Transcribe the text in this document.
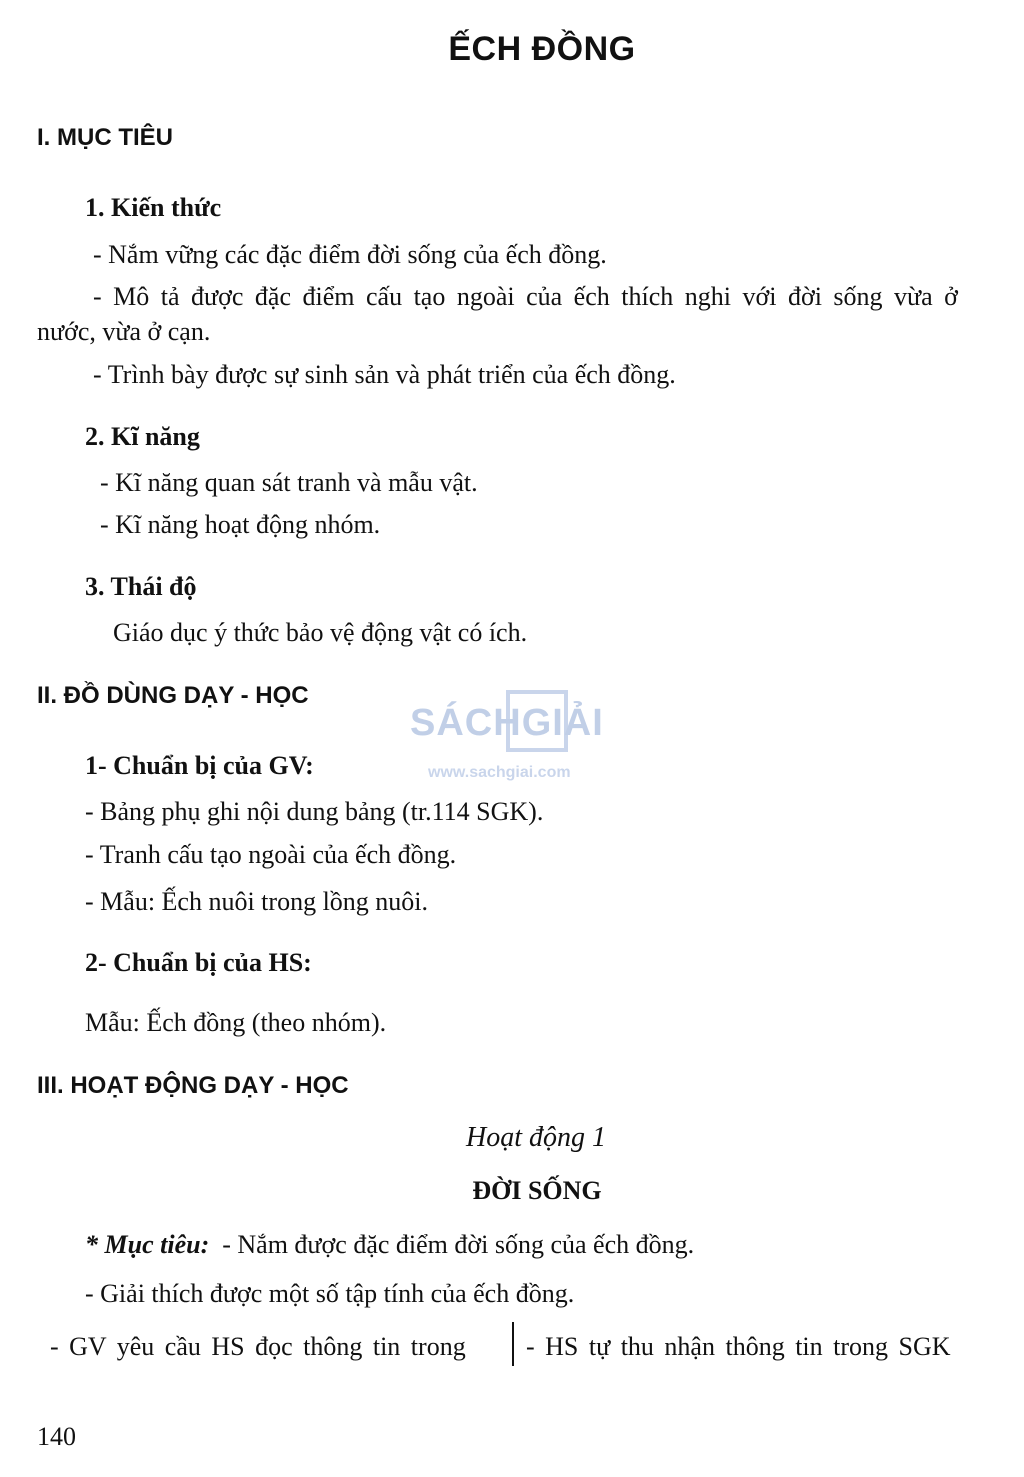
ẾCH ĐỒNG
I. MỤC TIÊU
1. Kiến thức
- Nắm vững các đặc điểm đời sống của ếch đồng.
- Mô tả được đặc điểm cấu tạo ngoài của ếch thích nghi với đời sống vừa ở
nước, vừa ở cạn.
- Trình bày được sự sinh sản và phát triển của ếch đồng.
2. Kĩ năng
- Kĩ năng quan sát tranh và mẫu vật.
- Kĩ năng hoạt động nhóm.
3. Thái độ
Giáo dục ý thức bảo vệ động vật có ích.
II. ĐỒ DÙNG DẠY - HỌC
SÁCHGIẢI
www.sachgiai.com
1- Chuẩn bị của GV:
- Bảng phụ ghi nội dung bảng (tr.114 SGK).
- Tranh cấu tạo ngoài của ếch đồng.
- Mẫu: Ếch nuôi trong lồng nuôi.
2- Chuẩn bị của HS:
Mẫu: Ếch đồng (theo nhóm).
III. HOẠT ĐỘNG DẠY - HỌC
Hoạt động 1
ĐỜI SỐNG
* Mục tiêu: - Nắm được đặc điểm đời sống của ếch đồng.
- Giải thích được một số tập tính của ếch đồng.
- GV yêu cầu HS đọc thông tin trong - HS tự thu nhận thông tin trong SGK
140
